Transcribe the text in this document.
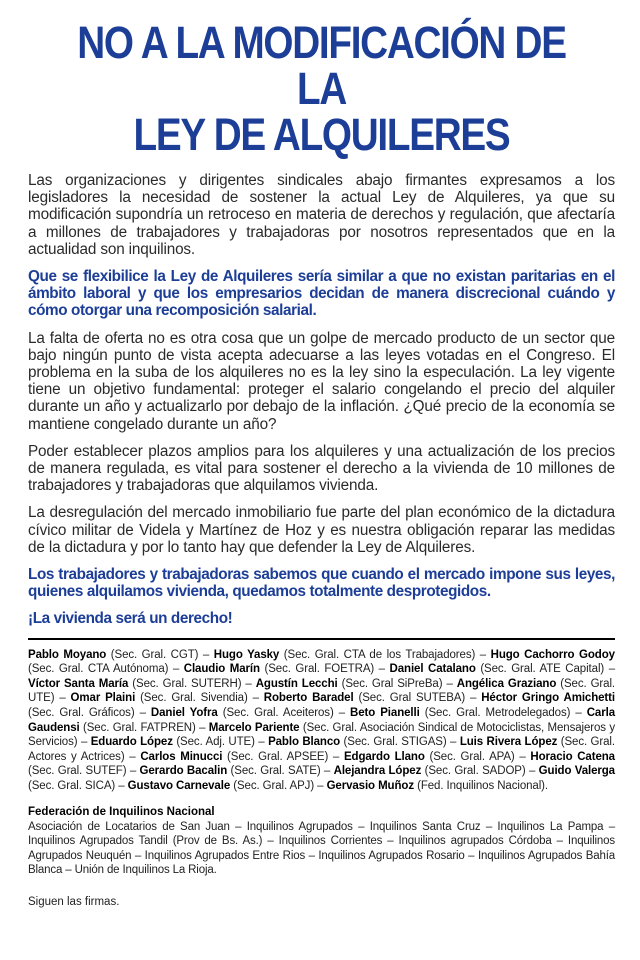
NO A LA MODIFICACIÓN DE LA
LEY DE ALQUILERES

Las organizaciones y dirigentes sindicales abajo firmantes expresamos a los legisladores la necesidad de sostener la actual Ley de Alquileres, ya que su modificación supondría un retroceso en materia de derechos y regulación, que afectaría a millones de trabajadores y trabajadoras por nosotros representados que en la actualidad son inquilinos.

Que se flexibilice la Ley de Alquileres sería similar a que no existan paritarias en el ámbito laboral y que los empresarios decidan de manera discrecional cuándo y cómo otorgar una recomposición salarial.

La falta de oferta no es otra cosa que un golpe de mercado producto de un sector que bajo ningún punto de vista acepta adecuarse a las leyes votadas en el Congreso. El problema en la suba de los alquileres no es la ley sino la especulación. La ley vigente tiene un objetivo fundamental: proteger el salario congelando el precio del alquiler durante un año y actualizarlo por debajo de la inflación. ¿Qué precio de la economía se mantiene congelado durante un año?

Poder establecer plazos amplios para los alquileres y una actualización de los precios de manera regulada, es vital para sostener el derecho a la vivienda de 10 millones de trabajadores y trabajadoras que alquilamos vivienda.

La desregulación del mercado inmobiliario fue parte del plan económico de la dictadura cívico militar de Videla y Martínez de Hoz y es nuestra obligación reparar las medidas de la dictadura y por lo tanto hay que defender la Ley de Alquileres.

Los trabajadores y trabajadoras sabemos que cuando el mercado impone sus leyes, quienes alquilamos vivienda, quedamos totalmente desprotegidos.

¡La vivienda será un derecho!

Pablo Moyano (Sec. Gral. CGT) – Hugo Yasky (Sec. Gral. CTA de los Trabajadores) – Hugo Cachorro Godoy (Sec. Gral. CTA Autónoma) – Claudio Marín (Sec. Gral. FOETRA) – Daniel Catalano (Sec. Gral. ATE Capital) – Víctor Santa María (Sec. Gral. SUTERH) – Agustín Lecchi (Sec. Gral SiPreBa) – Angélica Graziano (Sec. Gral. UTE) – Omar Plaini (Sec. Gral. Sivendia) – Roberto Baradel (Sec. Gral SUTEBA) – Héctor Gringo Amichetti (Sec. Gral. Gráficos) – Daniel Yofra (Sec. Gral. Aceiteros) – Beto Pianelli (Sec. Gral. Metrodelegados) – Carla Gaudensi (Sec. Gral. FATPREN) – Marcelo Pariente (Sec. Gral. Asociación Sindical de Motociclistas, Mensajeros y Servicios) – Eduardo López (Sec. Adj. UTE) – Pablo Blanco (Sec. Gral. STIGAS) – Luis Rivera López (Sec. Gral. Actores y Actrices) – Carlos Minucci (Sec. Gral. APSEE) – Edgardo Llano (Sec. Gral. APA) – Horacio Catena (Sec. Gral. SUTEF) – Gerardo Bacalin (Sec. Gral. SATE) – Alejandra López (Sec. Gral. SADOP) – Guido Valerga (Sec. Gral. SICA) – Gustavo Carnevale (Sec. Gral. APJ) – Gervasio Muñoz (Fed. Inquilinos Nacional).

Federación de Inquilinos Nacional

Asociación de Locatarios de San Juan – Inquilinos Agrupados – Inquilinos Santa Cruz – Inquilinos La Pampa – Inquilinos Agrupados Tandil (Prov de Bs. As.) – Inquilinos Corrientes – Inquilinos agrupados Córdoba – Inquilinos Agrupados Neuquén – Inquilinos Agrupados Entre Rios – Inquilinos Agrupados Rosario – Inquilinos Agrupados Bahía Blanca – Unión de Inquilinos La Rioja.

Siguen las firmas.
